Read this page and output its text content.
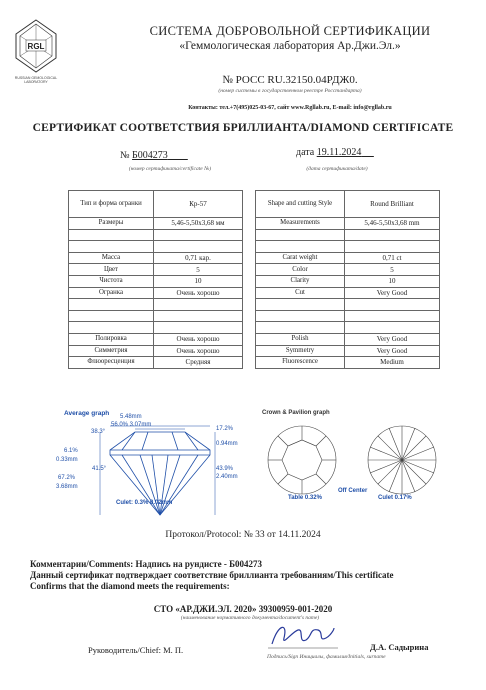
RGL
RUSSIAN GEMOLOGICAL LABORATORY
СИСТЕМА ДОБРОВОЛЬНОЙ СЕРТИФИКАЦИИ
«Геммологическая лаборатория Ар.Джи.Эл.»
№ РОСС RU.32150.04РДЖ0.
(номер системы в государственном реестре Росстандарта)
Контакты: тел.+7(495)025-03-67, сайт www.Rgllab.ru, E-mail: info@rgllab.ru
СЕРТИФИКАТ СООТВЕТСТВИЯ БРИЛЛИАНТА/DIAMOND CERTIFICATE
№ Б004273
(номер сертификата/certificate №)
дата 19.11.2024
(дата сертификата/date)
Тип и форма огранки	Кр-57
Размеры	5,46-5,50х3,68 мм

Масса	0,71 кар.
Цвет	5
Чистота	10
Огранка	Очень хорошо

Полировка	Очень хорошо
Симметрия	Очень хорошо
Флюоресценция	Средняя
Shape and cutting Style	Round Brilliant
Measurements	5,46-5,50х3,68 mm

Carat weight	0,71 ct
Color	5
Clarity	10
Cut	Very Good

Polish	Very Good
Symmetry	Very Good
Fluorescence	Medium
Average graph 5.48mm
56.0% 3.07mm
38.3°	17.2%
6.1%
0.94mm
0.33mm
41.5°	43.9%
2.40mm
67.2%
3.68mm
Culet: 0.3% 0.02mm
Crown & Pavilion graph
Table 0.32%
Off Center
Culet 0.17%
Протокол/Protocol: № 33 от 14.11.2024
Комментарии/Comments: Надпись на рундисте - Б004273
Данный сертификат подтверждает соответствие бриллианта требованиям/This certificate
Confirms that the diamond meets the requirements:
СТО «АР.ДЖИ.ЭЛ. 2020» 39300959-001-2020
(наименование нормативного документа/document's name)
Руководитель/Chief: М. П.	Д.А. Садырина
Подпись/Sign Инициалы, фамилия/Initials, surname
